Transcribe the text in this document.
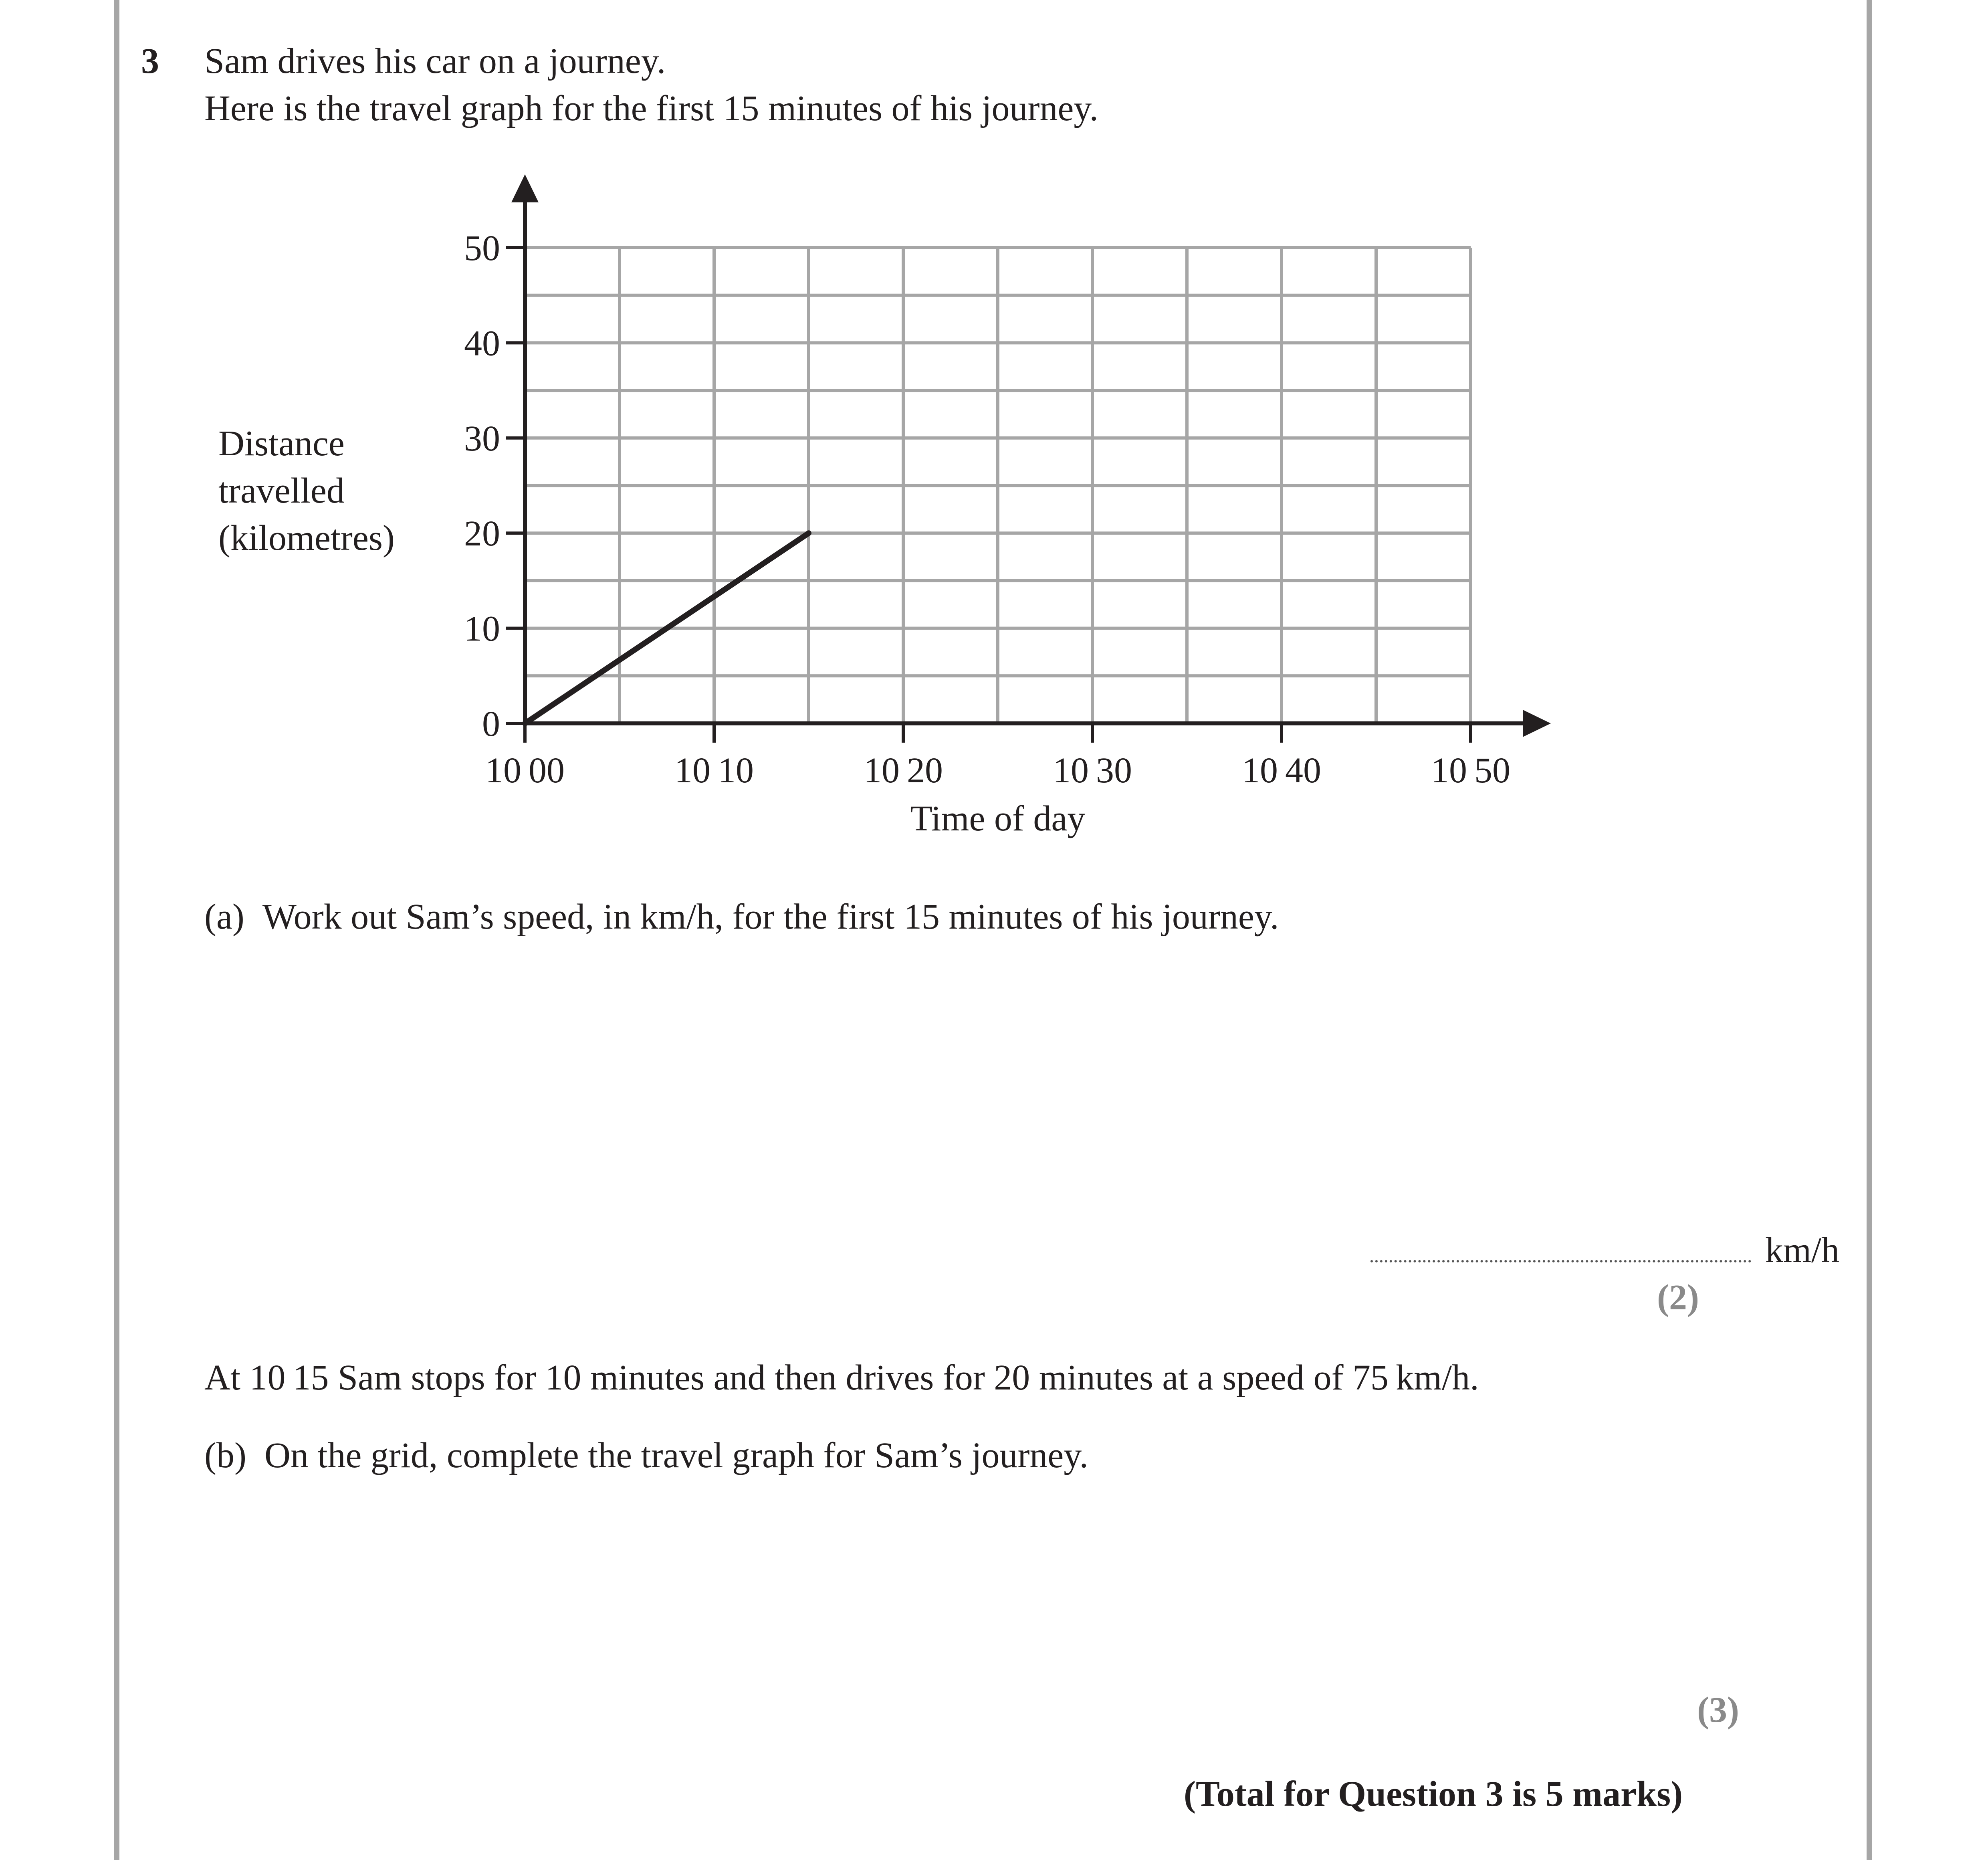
3 Sam drives his car on a journey.
Here is the travel graph for the first 15 minutes of his journey.
Distance
travelled
(kilometres)
0
10
20
30
40
50
10 00	10 10	10 20	10 30	10 40	10 50
Time of day
(a) Work out Sam’s speed, in km/h, for the first 15 minutes of his journey.
km/h
(2)
At 10 15 Sam stops for 10 minutes and then drives for 20 minutes at a speed of 75 km/h.
(b) On the grid, complete the travel graph for Sam’s journey.
(3)
(Total for Question 3 is 5 marks)
